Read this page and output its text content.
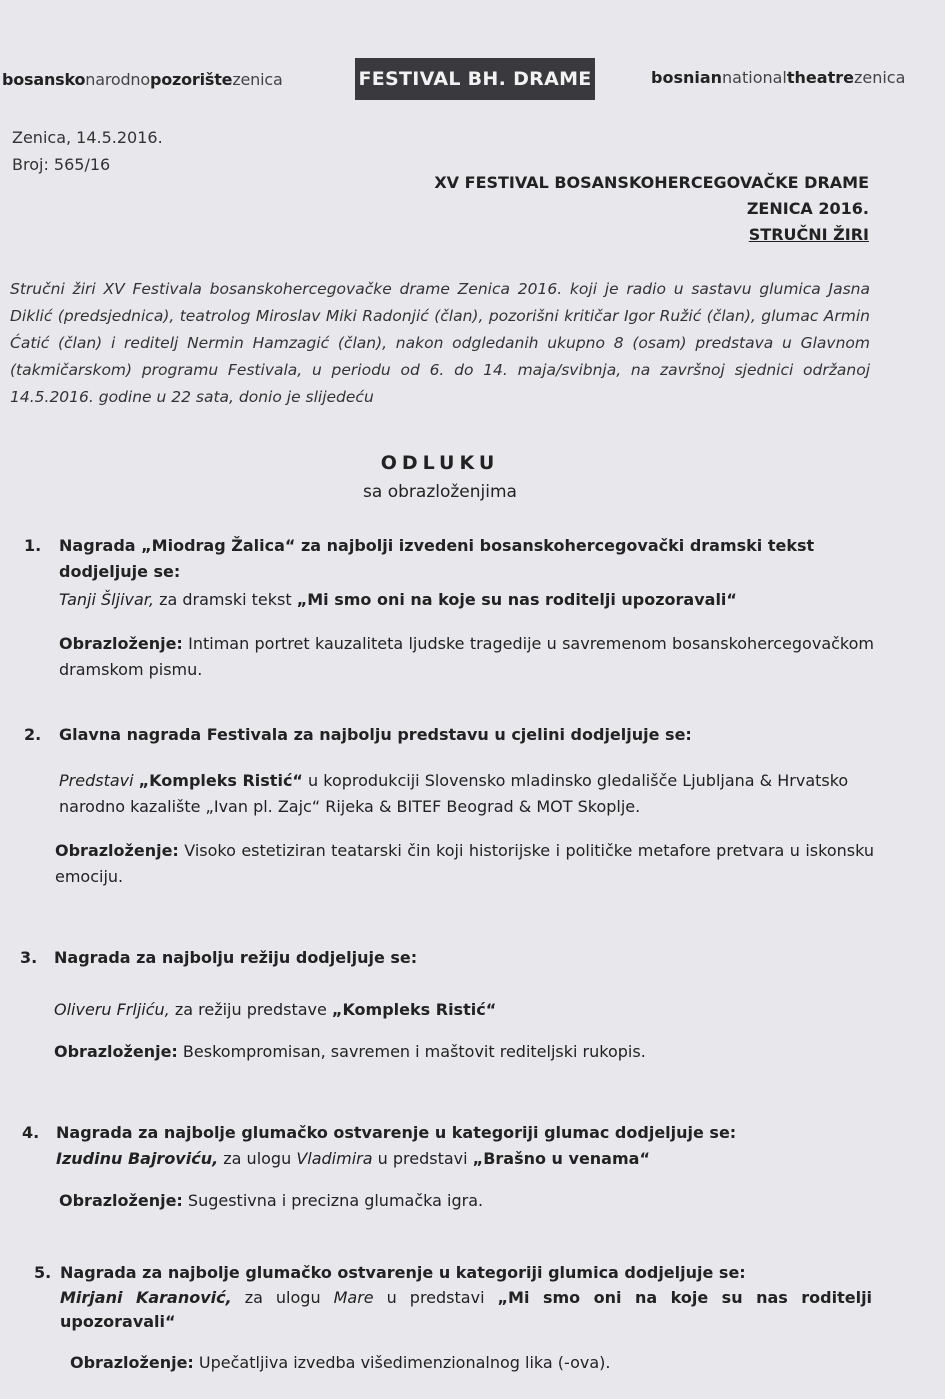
bosanskonarodnopozorištezenica	FESTIVAL BH. DRAME	bosniannationaltheatrezenica
Zenica, 14.5.2016.
Broj: 565/16
XV FESTIVAL BOSANSKOHERCEGOVAČKE DRAME
ZENICA 2016.
STRUČNI ŽIRI
Stručni žiri XV Festivala bosanskohercegovačke drame Zenica 2016. koji je radio u sastavu glumica Jasna Diklić (predsjednica), teatrolog Miroslav Miki Radonjić (član), pozorišni kritičar Igor Ružić (član), glumac Armin Ćatić (član) i reditelj Nermin Hamzagić (član), nakon odgledanih ukupno 8 (osam) predstava u Glavnom (takmičarskom) programu Festivala, u periodu od 6. do 14. maja/svibnja, na završnoj sjednici održanoj 14.5.2016. godine u 22 sata, donio je slijedeću
ODLUKU
sa obrazloženjima
1. Nagrada „Miodrag Žalica“ za najbolji izvedeni bosanskohercegovački dramski tekst dodjeljuje se:
Tanji Šljivar, za dramski tekst „Mi smo oni na koje su nas roditelji upozoravali“
Obrazloženje: Intiman portret kauzaliteta ljudske tragedije u savremenom bosanskohercegovačkom dramskom pismu.
2. Glavna nagrada Festivala za najbolju predstavu u cjelini dodjeljuje se:
Predstavi „Kompleks Ristić“ u koprodukciji Slovensko mladinsko gledališče Ljubljana & Hrvatsko narodno kazalište „Ivan pl. Zajc“ Rijeka & BITEF Beograd & MOT Skoplje.
Obrazloženje: Visoko estetiziran teatarski čin koji historijske i političke metafore pretvara u iskonsku emociju.
3. Nagrada za najbolju režiju dodjeljuje se:
Oliveru Frljiću, za režiju predstave „Kompleks Ristić“
Obrazloženje: Beskompromisan, savremen i maštovit rediteljski rukopis.
4. Nagrada za najbolje glumačko ostvarenje u kategoriji glumac dodjeljuje se:
Izudinu Bajroviću, za ulogu Vladimira u predstavi „Brašno u venama“
Obrazloženje: Sugestivna i precizna glumačka igra.
5. Nagrada za najbolje glumačko ostvarenje u kategoriji glumica dodjeljuje se:
Mirjani Karanović, za ulogu Mare u predstavi „Mi smo oni na koje su nas roditelji upozoravali“
Obrazloženje: Upečatljiva izvedba višedimenzionalnog lika (-ova).
